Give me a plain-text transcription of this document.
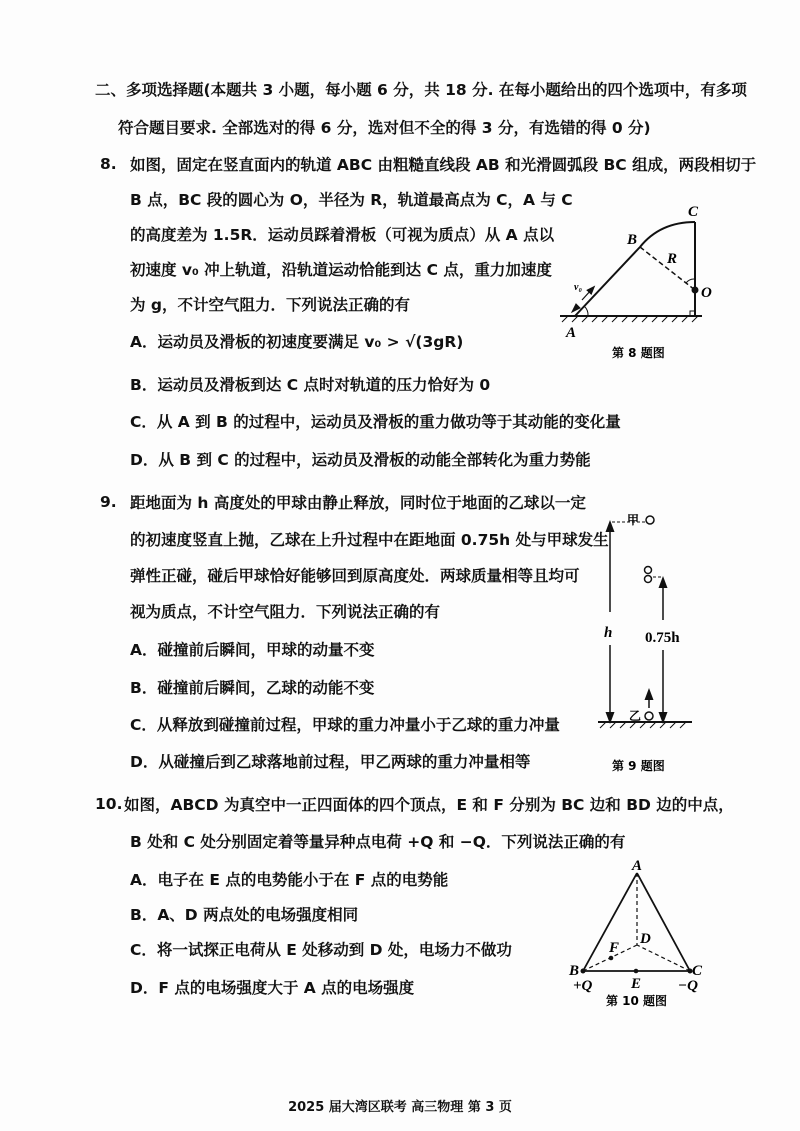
二、多项选择题(本题共 3 小题，每小题 6 分，共 18 分. 在每小题给出的四个选项中，有多项
符合题目要求. 全部选对的得 6 分，选对但不全的得 3 分，有选错的得 0 分)
8. 如图，固定在竖直面内的轨道 ABC 由粗糙直线段 AB 和光滑圆弧段 BC 组成，两段相切于
B 点，BC 段的圆心为 O，半径为 R，轨道最高点为 C，A 与 C
的高度差为 1.5R．运动员踩着滑板（可视为质点）从 A 点以
初速度 v₀ 冲上轨道，沿轨道运动恰能到达 C 点，重力加速度
为 g，不计空气阻力．下列说法正确的有
A．运动员及滑板的初速度要满足 v₀ > √(3gR)
B．运动员及滑板到达 C 点时对轨道的压力恰好为 0
C．从 A 到 B 的过程中，运动员及滑板的重力做功等于其动能的变化量
D．从 B 到 C 的过程中，运动员及滑板的动能全部转化为重力势能
9. 距地面为 h 高度处的甲球由静止释放，同时位于地面的乙球以一定
的初速度竖直上抛，乙球在上升过程中在距地面 0.75h 处与甲球发生
弹性正碰，碰后甲球恰好能够回到原高度处．两球质量相等且均可
视为质点，不计空气阻力．下列说法正确的有
A．碰撞前后瞬间，甲球的动量不变
B．碰撞前后瞬间，乙球的动能不变
C．从释放到碰撞前过程，甲球的重力冲量小于乙球的重力冲量
D．从碰撞后到乙球落地前过程，甲乙两球的重力冲量相等
10. 如图，ABCD 为真空中一正四面体的四个顶点，E 和 F 分别为 BC 边和 BD 边的中点，
B 处和 C 处分别固定着等量异种点电荷 +Q 和 −Q．下列说法正确的有
A．电子在 E 点的电势能小于在 F 点的电势能
B．A、D 两点处的电场强度相同
C．将一试探正电荷从 E 处移动到 D 处，电场力不做功
D．F 点的电场强度大于 A 点的电场强度
A
B
C
O
R
v₀
第 8 题图
甲
乙
h 0.75h
第 9 题图
A
B	C
D
E
F
+Q	−Q
第 10 题图
2025 届大湾区联考 高三物理 第 3 页
